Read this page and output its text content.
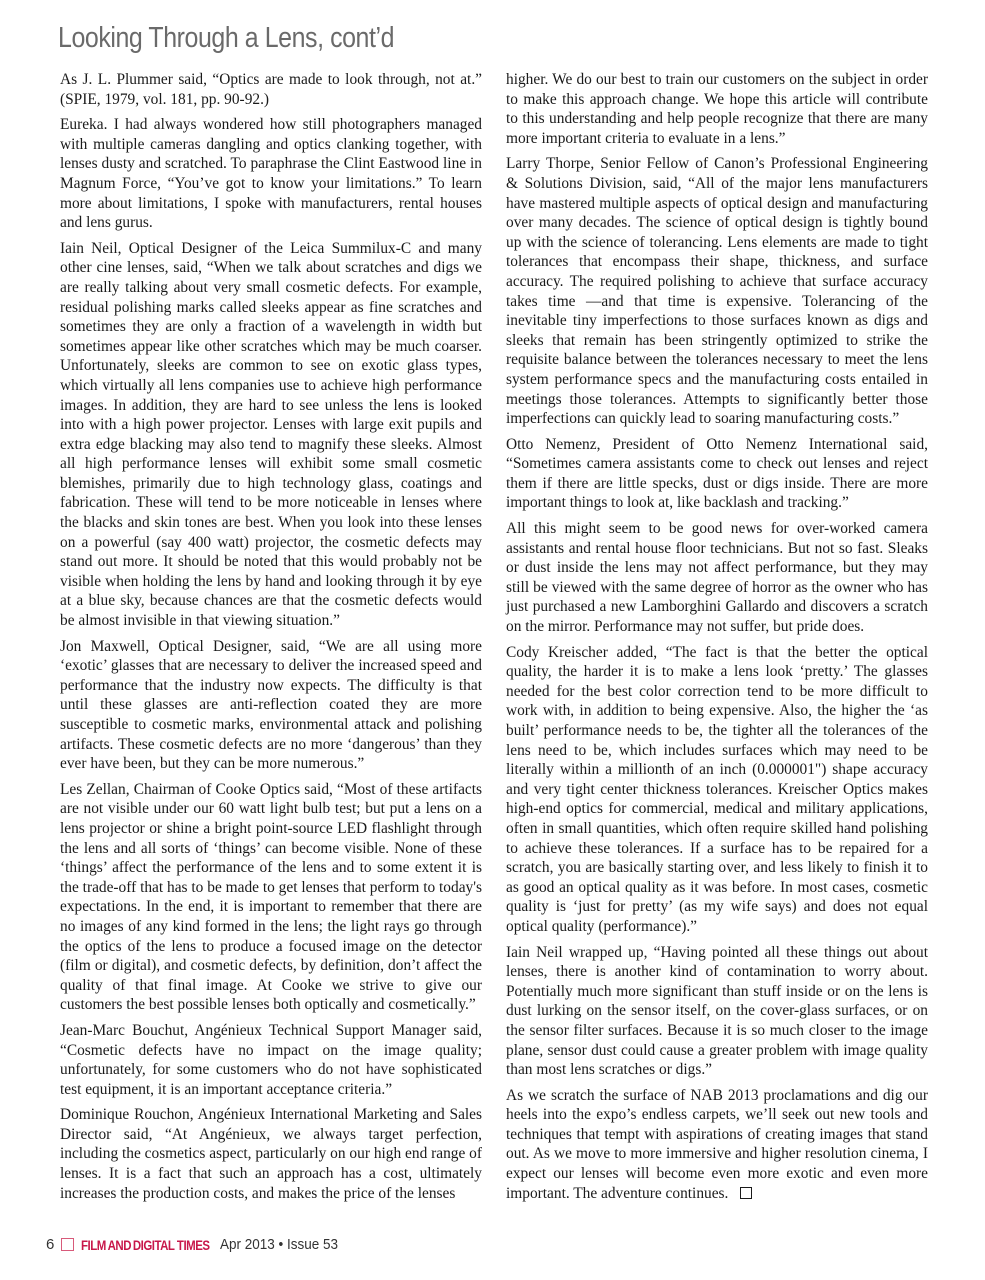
Looking Through a Lens, cont’d

As J. L. Plummer said, “Optics are made to look through, not at.” (SPIE, 1979, vol. 181, pp. 90-92.)

Eureka. I had always wondered how still photographers managed with multiple cameras dangling and optics clanking together, with lenses dusty and scratched. To paraphrase the Clint Eastwood line in Magnum Force, “You’ve got to know your limitations.” To learn more about limitations, I spoke with manufacturers, rental houses and lens gurus.

Iain Neil, Optical Designer of the Leica Summilux-C and many other cine lenses, said, “When we talk about scratches and digs we are really talking about very small cosmetic defects. For example, residual polishing marks called sleeks appear as fine scratches and sometimes they are only a fraction of a wavelength in width but sometimes appear like other scratches which may be much coarser. Unfortunately, sleeks are common to see on exotic glass types, which virtually all lens companies use to achieve high performance images. In addition, they are hard to see unless the lens is looked into with a high power projector. Lenses with large exit pupils and extra edge blacking may also tend to magnify these sleeks. Almost all high performance lenses will exhibit some small cosmetic blemishes, primarily due to high technology glass, coatings and fabrication. These will tend to be more noticeable in lenses where the blacks and skin tones are best. When you look into these lenses on a powerful (say 400 watt) projector, the cosmetic defects may stand out more. It should be noted that this would probably not be visible when holding the lens by hand and looking through it by eye at a blue sky, because chances are that the cosmetic defects would be almost invisible in that viewing situation.”

Jon Maxwell, Optical Designer, said, “We are all using more ‘exotic’ glasses that are necessary to deliver the increased speed and performance that the industry now expects. The difficulty is that until these glasses are anti-reflection coated they are more susceptible to cosmetic marks, environmental attack and polishing artifacts. These cosmetic defects are no more ‘dangerous’ than they ever have been, but they can be more numerous.”

Les Zellan, Chairman of Cooke Optics said, “Most of these artifacts are not visible under our 60 watt light bulb test; but put a lens on a lens projector or shine a bright point-source LED flashlight through the lens and all sorts of ‘things’ can become visible. None of these ‘things’ affect the performance of the lens and to some extent it is the trade-off that has to be made to get lenses that perform to today's expectations. In the end, it is important to remember that there are no images of any kind formed in the lens; the light rays go through the optics of the lens to produce a focused image on the detector (film or digital), and cosmetic defects, by definition, don’t affect the quality of that final image. At Cooke we strive to give our customers the best possible lenses both optically and cosmetically.”

Jean-Marc Bouchut, Angénieux Technical Support Manager said, “Cosmetic defects have no impact on the image quality; unfortunately, for some customers who do not have sophisticated test equipment, it is an important acceptance criteria.”

Dominique Rouchon, Angénieux International Marketing and Sales Director said, “At Angénieux, we always target perfection, including the cosmetics aspect, particularly on our high end range of lenses. It is a fact that such an approach has a cost, ultimately increases the production costs, and makes the price of the lenses

higher. We do our best to train our customers on the subject in order to make this approach change. We hope this article will contribute to this understanding and help people recognize that there are many more important criteria to evaluate in a lens.”

Larry Thorpe, Senior Fellow of Canon’s Professional Engineering & Solutions Division, said, “All of the major lens manufacturers have mastered multiple aspects of optical design and manufacturing over many decades. The science of optical design is tightly bound up with the science of tolerancing. Lens elements are made to tight tolerances that encompass their shape, thickness, and surface accuracy. The required polishing to achieve that surface accuracy takes time —and that time is expensive. Tolerancing of the inevitable tiny imperfections to those surfaces known as digs and sleeks that remain has been stringently optimized to strike the requisite balance between the tolerances necessary to meet the lens system performance specs and the manufacturing costs entailed in meetings those tolerances. Attempts to significantly better those imperfections can quickly lead to soaring manufacturing costs.”

Otto Nemenz, President of Otto Nemenz International said, “Sometimes camera assistants come to check out lenses and reject them if there are little specks, dust or digs inside. There are more important things to look at, like backlash and tracking.”

All this might seem to be good news for over-worked camera assistants and rental house floor technicians. But not so fast. Sleaks or dust inside the lens may not affect performance, but they may still be viewed with the same degree of horror as the owner who has just purchased a new Lamborghini Gallardo and discovers a scratch on the mirror. Performance may not suffer, but pride does.

Cody Kreischer added, “The fact is that the better the optical quality, the harder it is to make a lens look ‘pretty.’ The glasses needed for the best color correction tend to be more difficult to work with, in addition to being expensive. Also, the higher the ‘as built’ performance needs to be, the tighter all the tolerances of the lens need to be, which includes surfaces which may need to be literally within a millionth of an inch (0.000001") shape accuracy and very tight center thickness tolerances. Kreischer Optics makes high-end optics for commercial, medical and military applications, often in small quantities, which often require skilled hand polishing to achieve these tolerances. If a surface has to be repaired for a scratch, you are basically starting over, and less likely to finish it to as good an optical quality as it was before. In most cases, cosmetic quality is ‘just for pretty’ (as my wife says) and does not equal optical quality (performance).”

Iain Neil wrapped up, “Having pointed all these things out about lenses, there is another kind of contamination to worry about. Potentially much more significant than stuff inside or on the lens is dust lurking on the sensor itself, on the cover-glass surfaces, or on the sensor filter surfaces. Because it is so much closer to the image plane, sensor dust could cause a greater problem with image quality than most lens scratches or digs.”

As we scratch the surface of NAB 2013 proclamations and dig our heels into the expo’s endless carpets, we’ll seek out new tools and techniques that tempt with aspirations of creating images that stand out. As we move to more immersive and higher resolution cinema, I expect our lenses will become even more exotic and even more important. The adventure continues.

6 FILM AND DIGITAL TIMES Apr 2013 • Issue 53
